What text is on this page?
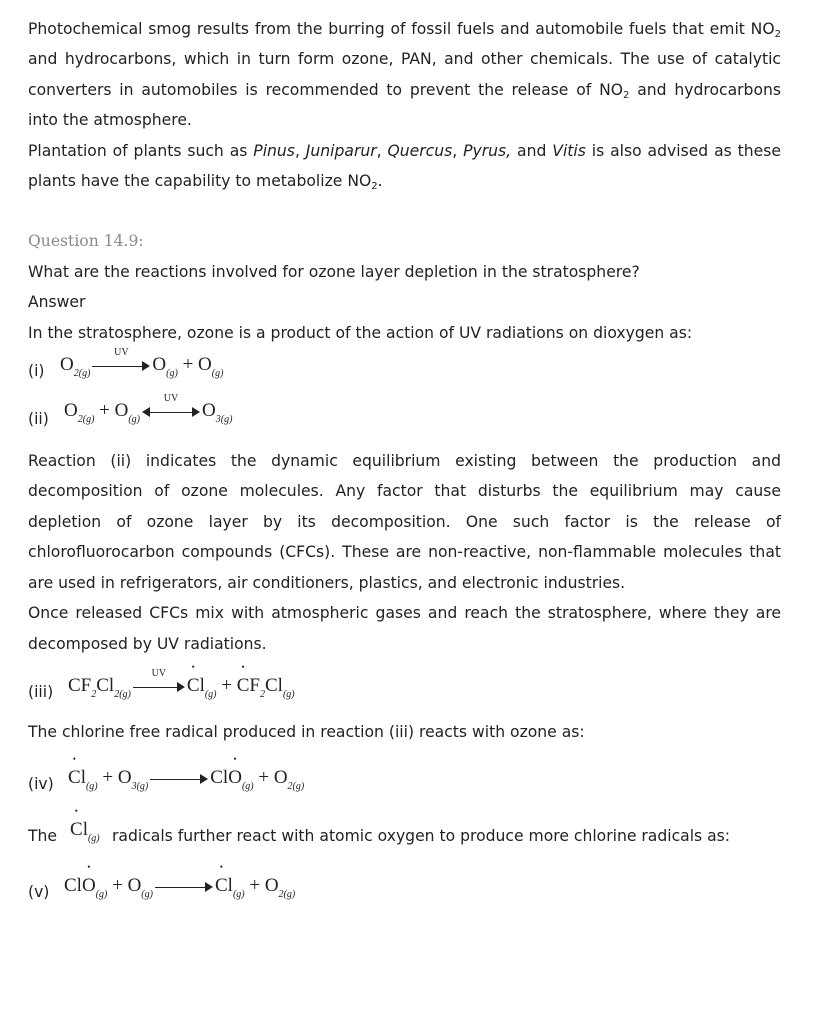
Photochemical smog results from the burring of fossil fuels and automobile fuels that emit $NO_2$ and hydrocarbons, which in turn form ozone, PAN, and other chemicals. The use of catalytic converters in automobiles is recommended to prevent the release of $NO_2$ and hydrocarbons into the atmosphere.

Plantation of plants such as Pinus, Juniparur, Quercus, Pyrus, and Vitis is also advised as these plants have the capability to metabolize $NO_2$.

Question 14.9:

What are the reactions involved for ozone layer depletion in the stratosphere?

Answer

In the stratosphere, ozone is a product of the action of UV radiations on dioxygen as:

(i) $O_{2(g)}$
UV
$O_{(g)} + O_{(g)}$
(ii) $O_{2(g)} + O_{(g)}$
UV
$O_{3(g)}$

Reaction (ii) indicates the dynamic equilibrium existing between the production and decomposition of ozone molecules. Any factor that disturbs the equilibrium may cause depletion of ozone layer by its decomposition. One such factor is the release of chlorofluorocarbon compounds (CFCs). These are non-reactive, non-flammable molecules that are used in refrigerators, air conditioners, plastics, and electronic industries.

Once released CFCs mix with atmospheric gases and reach the stratosphere, where they are decomposed by UV radiations.

(iii) $CF_2Cl_{2(g)}$
UV
• $Cl_{(g)}$ + • $CF_2Cl_{(g)}$

The chlorine free radical produced in reaction (iii) reacts with ozone as:

(iv) • $Cl_{(g)} + O_{3(g)}$	Cl• $O_{(g)} + O_{2(g)}$
The • $Cl_{(g)}$ radicals further react with atomic oxygen to produce more chlorine radicals as:
(v) Cl• $O_{(g)} + O_{(g)}$	• $Cl_{(g)} + O_{2(g)}$
